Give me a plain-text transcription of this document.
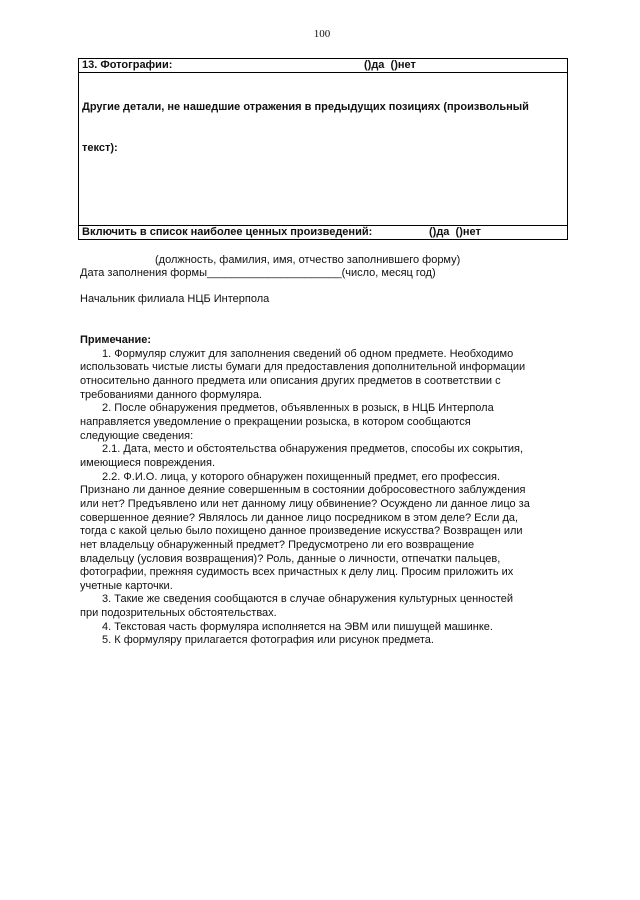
100

13. Фотографии:

	()да  ()нет

Другие детали, не нашедшие отражения в предыдущих позициях (произвольный

текст):

Включить в список наиболее ценных произведений:

	()да  ()нет

(должность, фамилия, имя, отчество заполнившего форму)
Дата заполнения формы______________________(число, месяц год)
Начальник филиала НЦБ Интерпола
Примечание:
1. Формуляр служит для заполнения сведений об одном предмете. Необходимо
использовать чистые листы бумаги для предоставления дополнительной информации
относительно данного предмета или описания других предметов в соответствии с
требованиями данного формуляра.
2. После обнаружения предметов, объявленных в розыск, в НЦБ Интерпола
направляется уведомление о прекращении розыска, в котором сообщаются
следующие сведения:
2.1. Дата, место и обстоятельства обнаружения предметов, способы их сокрытия,
имеющиеся повреждения.
2.2. Ф.И.О. лица, у которого обнаружен похищенный предмет, его профессия.
Признано ли данное деяние совершенным в состоянии добросовестного заблуждения
или нет? Предъявлено или нет данному лицу обвинение? Осуждено ли данное лицо за
совершенное деяние? Являлось ли данное лицо посредником в этом деле? Если да,
тогда с какой целью было похищено данное произведение искусства? Возвращен или
нет владельцу обнаруженный предмет? Предусмотрено ли его возвращение
владельцу (условия возвращения)? Роль, данные о личности, отпечатки пальцев,
фотографии, прежняя судимость всех причастных к делу лиц. Просим приложить их
учетные карточки.
3. Такие же сведения сообщаются в случае обнаружения культурных ценностей
при подозрительных обстоятельствах.
4. Текстовая часть формуляра исполняется на ЭВМ или пишущей машинке.
5. К формуляру прилагается фотография или рисунок предмета.
